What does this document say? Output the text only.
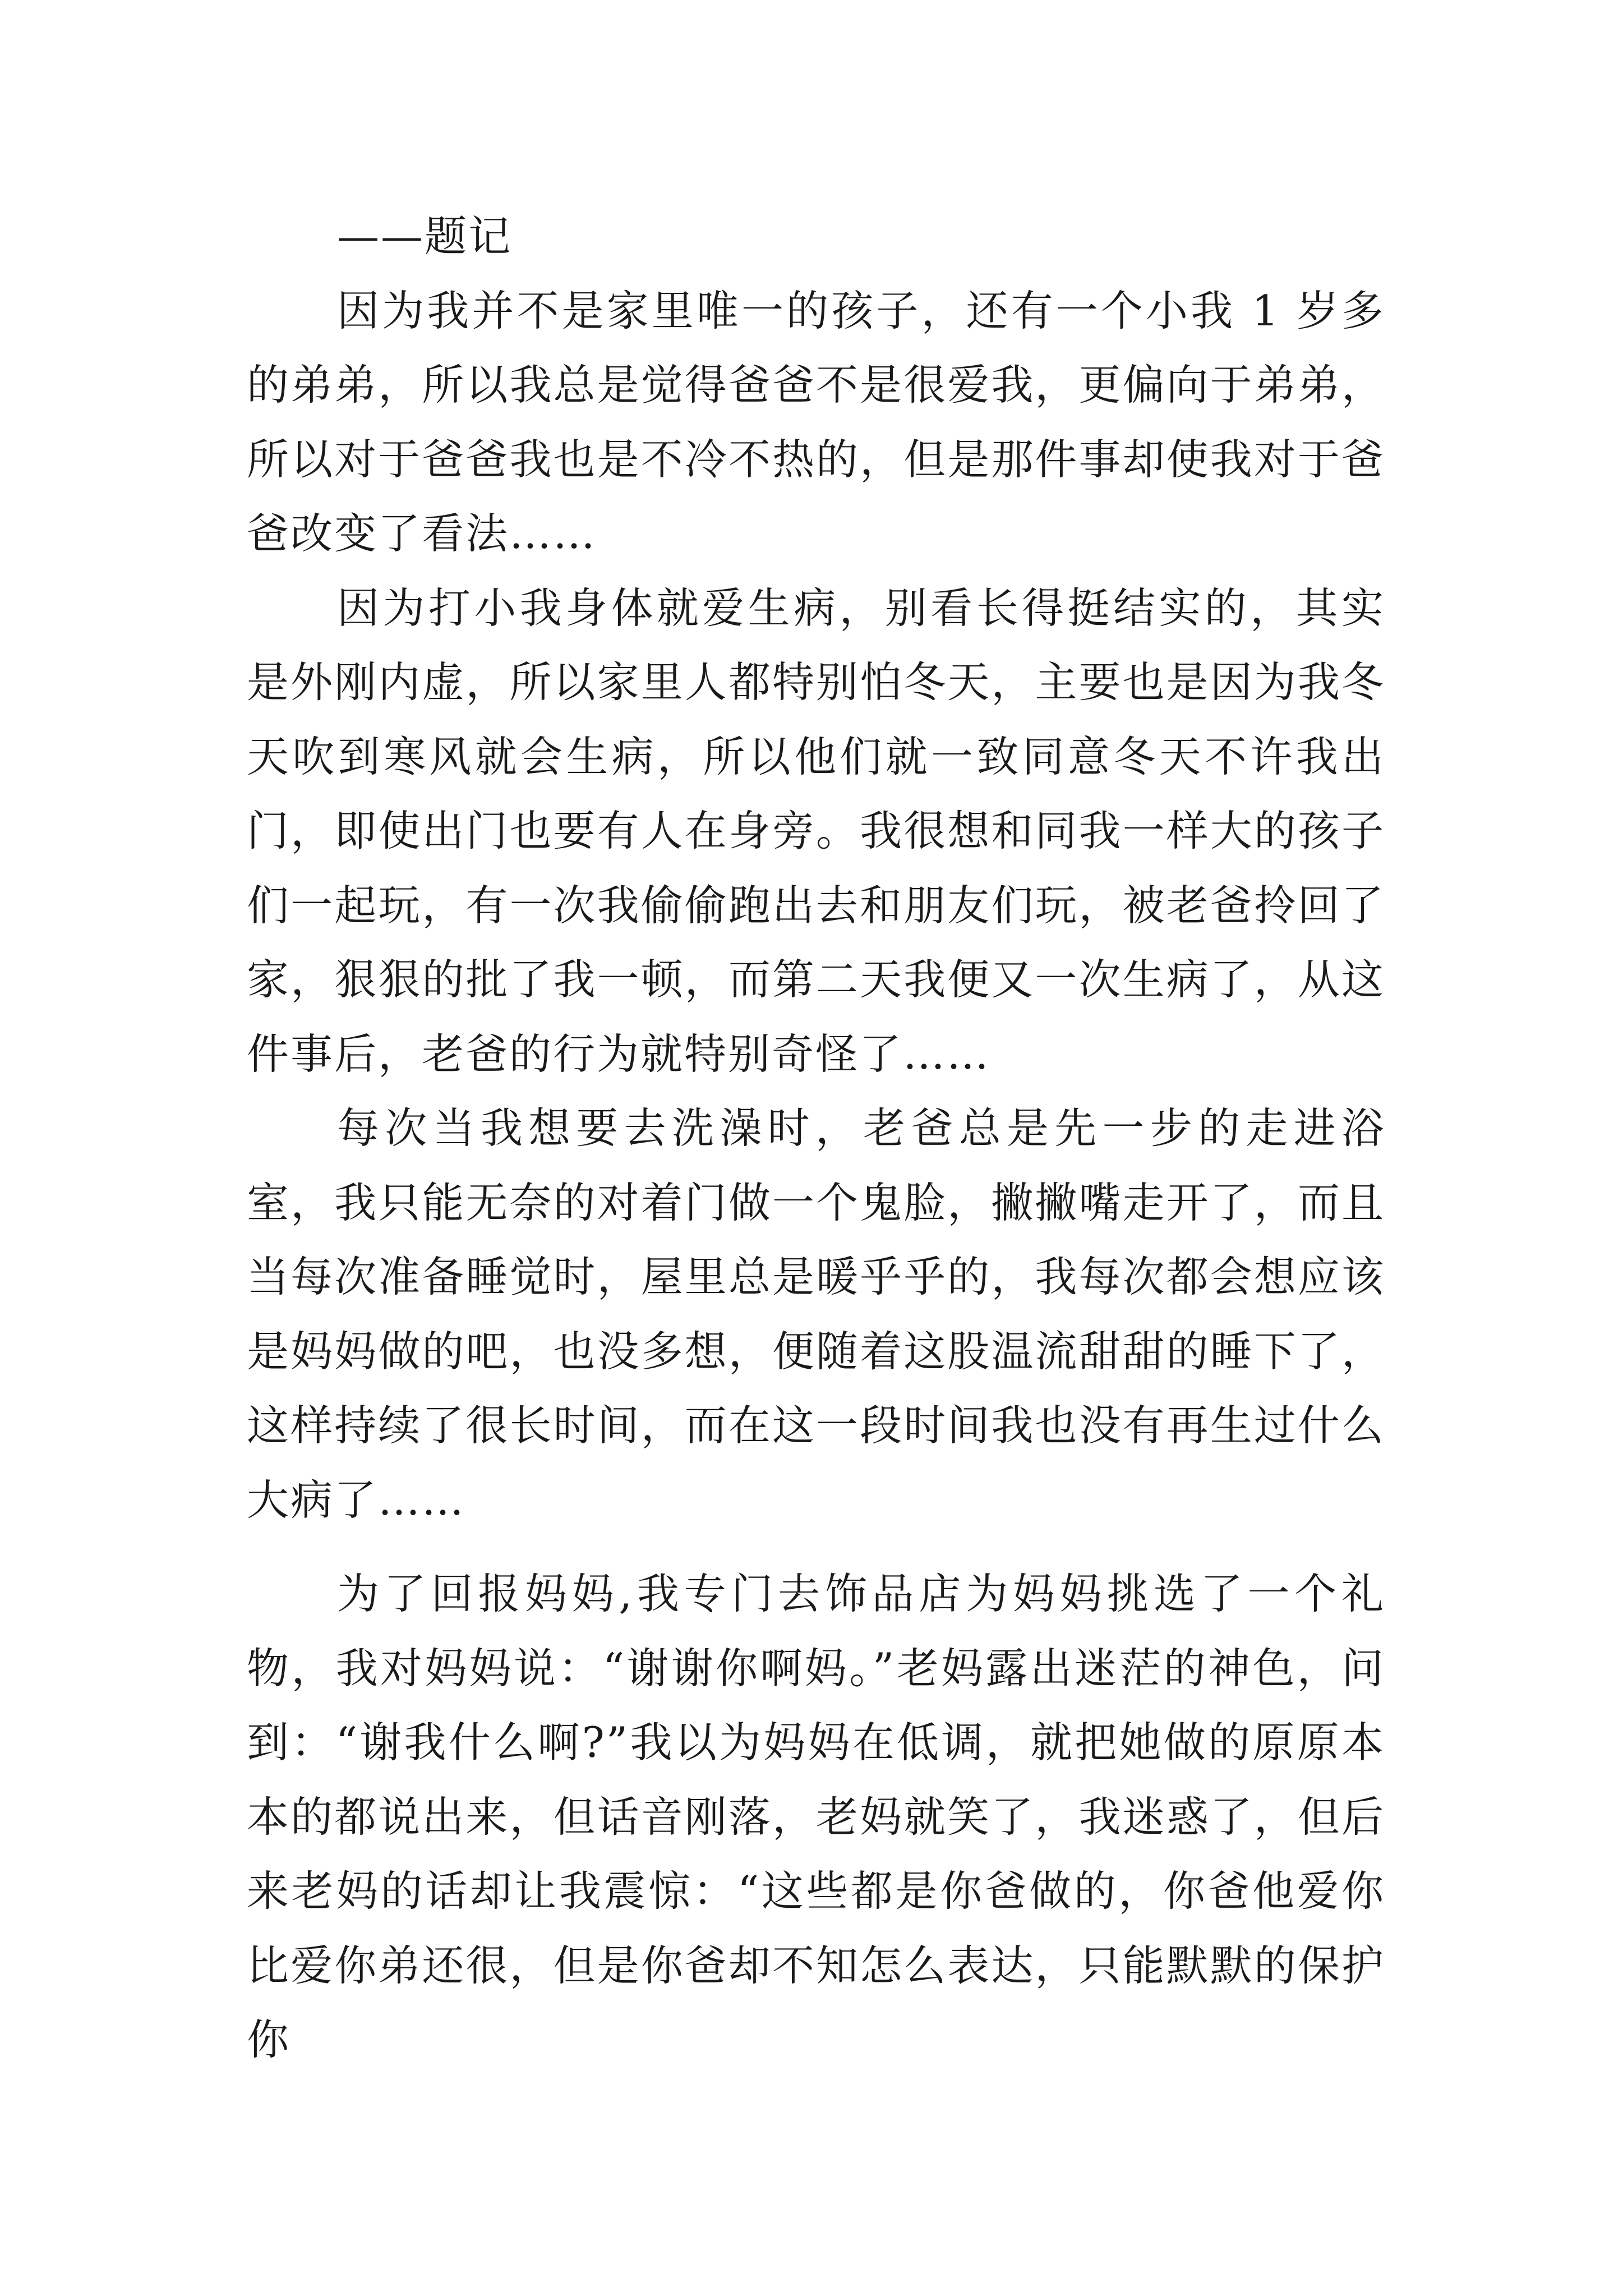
——题记

因为我并不是家里唯一的孩子，还有一个小我 1 岁多的弟弟，所以我总是觉得爸爸不是很爱我，更偏向于弟弟，所以对于爸爸我也是不冷不热的，但是那件事却使我对于爸爸改变了看法……

因为打小我身体就爱生病，别看长得挺结实的，其实是外刚内虚，所以家里人都特别怕冬天，主要也是因为我冬天吹到寒风就会生病，所以他们就一致同意冬天不许我出门，即使出门也要有人在身旁。我很想和同我一样大的孩子们一起玩，有一次我偷偷跑出去和朋友们玩，被老爸拎回了家，狠狠的批了我一顿，而第二天我便又一次生病了，从这件事后，老爸的行为就特别奇怪了……

每次当我想要去洗澡时，老爸总是先一步的走进浴室，我只能无奈的对着门做一个鬼脸，撇撇嘴走开了，而且当每次准备睡觉时，屋里总是暖乎乎的，我每次都会想应该是妈妈做的吧，也没多想，便随着这股温流甜甜的睡下了，这样持续了很长时间，而在这一段时间我也没有再生过什么大病了……

为了回报妈妈,我专门去饰品店为妈妈挑选了一个礼物，我对妈妈说：“谢谢你啊妈。”老妈露出迷茫的神色，问到：“谢我什么啊?”我以为妈妈在低调，就把她做的原原本本的都说出来，但话音刚落，老妈就笑了，我迷惑了，但后来老妈的话却让我震惊：“这些都是你爸做的，你爸他爱你比爱你弟还很，但是你爸却不知怎么表达，只能默默的保护你
